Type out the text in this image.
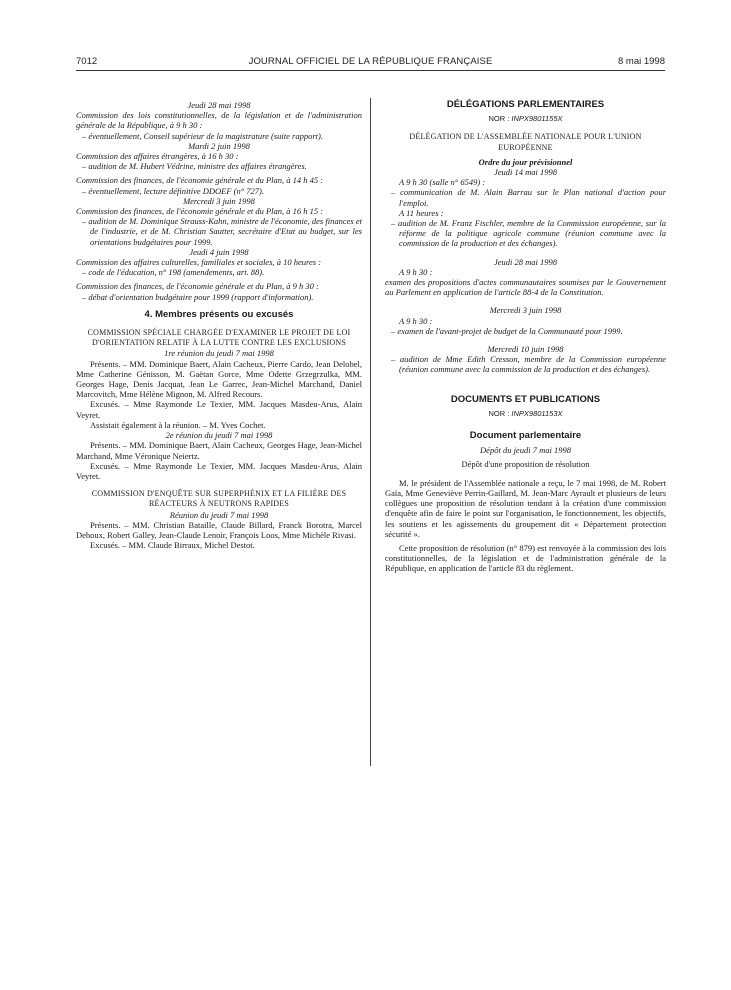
7012	JOURNAL OFFICIEL DE LA RÉPUBLIQUE FRANÇAISE	8 mai 1998

Jeudi 28 mai 1998

Commission des lois constitutionnelles, de la législation et de l'administration générale de la République, à 9 h 30 :

– éventuellement, Conseil supérieur de la magistrature (suite rapport).

Mardi 2 juin 1998

Commission des affaires étrangères, à 16 h 30 :

– audition de M. Hubert Védrine, ministre des affaires étrangères.

Commission des finances, de l'économie générale et du Plan, à 14 h 45 :

– éventuellement, lecture définitive DDOEF (n° 727).

Mercredi 3 juin 1998

Commission des finances, de l'économie générale et du Plan, à 16 h 15 :

– audition de M. Dominique Strauss-Kahn, ministre de l'économie, des finances et de l'industrie, et de M. Christian Sautter, secrétaire d'Etat au budget, sur les orientations budgétaires pour 1999.

Jeudi 4 juin 1998

Commission des affaires culturelles, familiales et sociales, à 10 heures :

– code de l'éducation, n° 198 (amendements, art. 88).

Commission des finances, de l'économie générale et du Plan, à 9 h 30 :

– débat d'orientation budgétaire pour 1999 (rapport d'information).

4. Membres présents ou excusés

COMMISSION SPÉCIALE CHARGÉE D'EXAMINER LE PROJET DE LOI D'ORIENTATION RELATIF À LA LUTTE CONTRE LES EXCLUSIONS

1re réunion du jeudi 7 mai 1998

Présents. – MM. Dominique Baert, Alain Cacheux, Pierre Cardo, Jean Delobel, Mme Catherine Génisson, M. Gaëtan Gorce, Mme Odette Grzegrzulka, MM. Georges Hage, Denis Jacquat, Jean Le Garrec, Jean-Michel Marchand, Daniel Marcovitch, Mme Hélène Mignon, M. Alfred Recours.

Excusés. – Mme Raymonde Le Texier, MM. Jacques Masdeu-Arus, Alain Veyret.

Assistait également à la réunion. – M. Yves Cochet.

2e réunion du jeudi 7 mai 1998

Présents. – MM. Dominique Baert, Alain Cacheux, Georges Hage, Jean-Michel Marchand, Mme Véronique Neiertz.

Excusés. – Mme Raymonde Le Texier, MM. Jacques Masdeu-Arus, Alain Veyret.

COMMISSION D'ENQUÊTE SUR SUPERPHÉNIX ET LA FILIÈRE DES RÉACTEURS À NEUTRONS RAPIDES

Réunion du jeudi 7 mai 1998

Présents. – MM. Christian Bataille, Claude Billard, Franck Borotra, Marcel Dehoux, Robert Galley, Jean-Claude Lenoir, François Loos, Mme Michèle Rivasi.

Excusés. – MM. Claude Birraux, Michel Destot.

DÉLÉGATIONS PARLEMENTAIRES

NOR : INPX9801155X

DÉLÉGATION DE L'ASSEMBLÉE NATIONALE POUR L'UNION EUROPÉENNE

Ordre du jour prévisionnel

Jeudi 14 mai 1998

A 9 h 30 (salle n° 6549) :

– communication de M. Alain Barrau sur le Plan national d'action pour l'emploi.

A 11 heures :

– audition de M. Franz Fischler, membre de la Commission européenne, sur la réforme de la politique agricole commune (réunion commune avec la commission de la production et des échanges).

Jeudi 28 mai 1998

A 9 h 30 :

examen des propositions d'actes communautaires soumises par le Gouvernement au Parlement en application de l'article 88-4 de la Constitution.

Mercredi 3 juin 1998

A 9 h 30 :

– examen de l'avant-projet de budget de la Communauté pour 1999.

Mercredi 10 juin 1998

– audition de Mme Edith Cresson, membre de la Commission européenne (réunion commune avec la commission de la production et des échanges).

DOCUMENTS ET PUBLICATIONS

NOR : INPX9801153X

Document parlementaire

Dépôt du jeudi 7 mai 1998

Dépôt d'une proposition de résolution

M. le président de l'Assemblée nationale a reçu, le 7 mai 1998, de M. Robert Gaïa, Mme Geneviève Perrin-Gaillard, M. Jean-Marc Ayrault et plusieurs de leurs collègues une proposition de résolution tendant à la création d'une commission d'enquête afin de faire le point sur l'organisation, le fonctionnement, les objectifs, les soutiens et les agissements du groupement dit « Département protection sécurité ».

Cette proposition de résolution (n° 879) est renvoyée à la commission des lois constitutionnelles, de la législation et de l'administration générale de la République, en application de l'article 83 du règlement.
